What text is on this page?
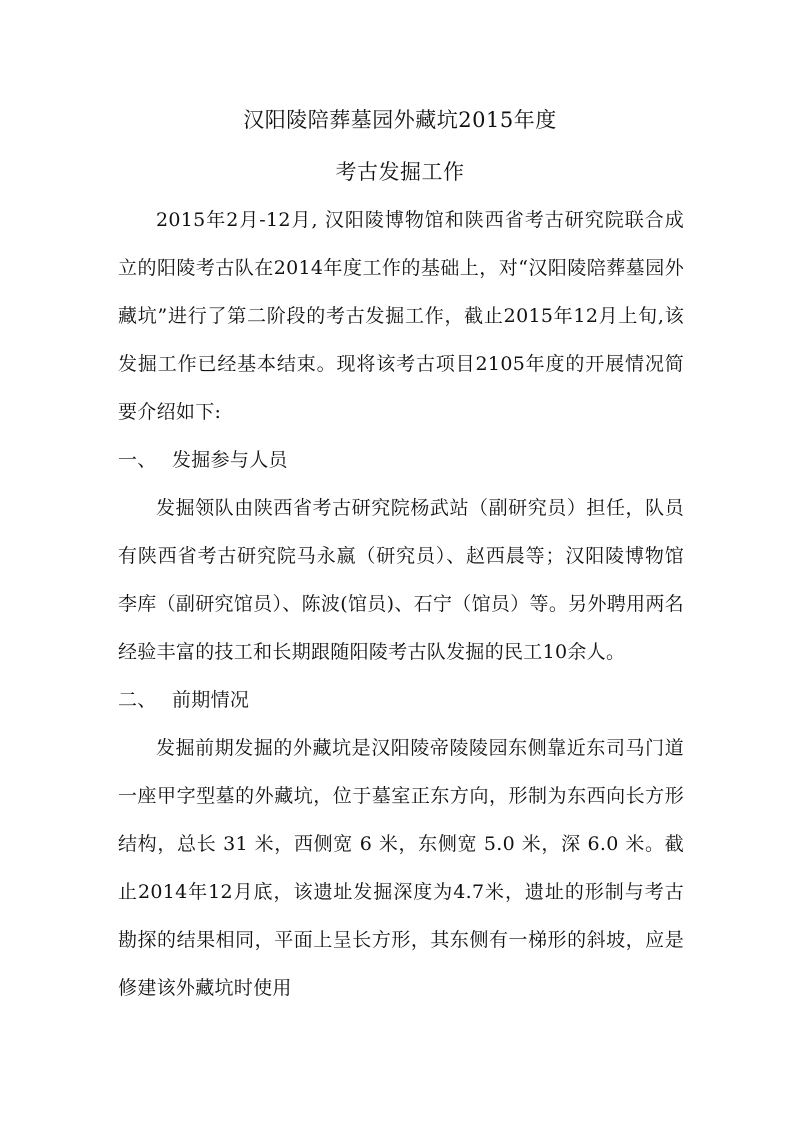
汉阳陵陪葬墓园外藏坑2015年度
考古发掘工作

2015年2月-12月, 汉阳陵博物馆和陕西省考古研究院联合成立的阳陵考古队在2014年度工作的基础上，对“汉阳陵陪葬墓园外藏坑”进行了第二阶段的考古发掘工作，截止2015年12月上旬,该发掘工作已经基本结束。现将该考古项目2105年度的开展情况简要介绍如下:

一、 发掘参与人员

发掘领队由陕西省考古研究院杨武站（副研究员）担任，队员有陕西省考古研究院马永嬴（研究员）、赵西晨等；汉阳陵博物馆李库（副研究馆员）、陈波(馆员)、石宁（馆员）等。另外聘用两名经验丰富的技工和长期跟随阳陵考古队发掘的民工10余人。

二、 前期情况

发掘前期发掘的外藏坑是汉阳陵帝陵陵园东侧靠近东司马门道一座甲字型墓的外藏坑，位于墓室正东方向，形制为东西向长方形结构，总长 31 米，西侧宽 6 米，东侧宽 5.0 米，深 6.0 米。截止2014年12月底，该遗址发掘深度为4.7米，遗址的形制与考古勘探的结果相同，平面上呈长方形，其东侧有一梯形的斜坡，应是修建该外藏坑时使用
